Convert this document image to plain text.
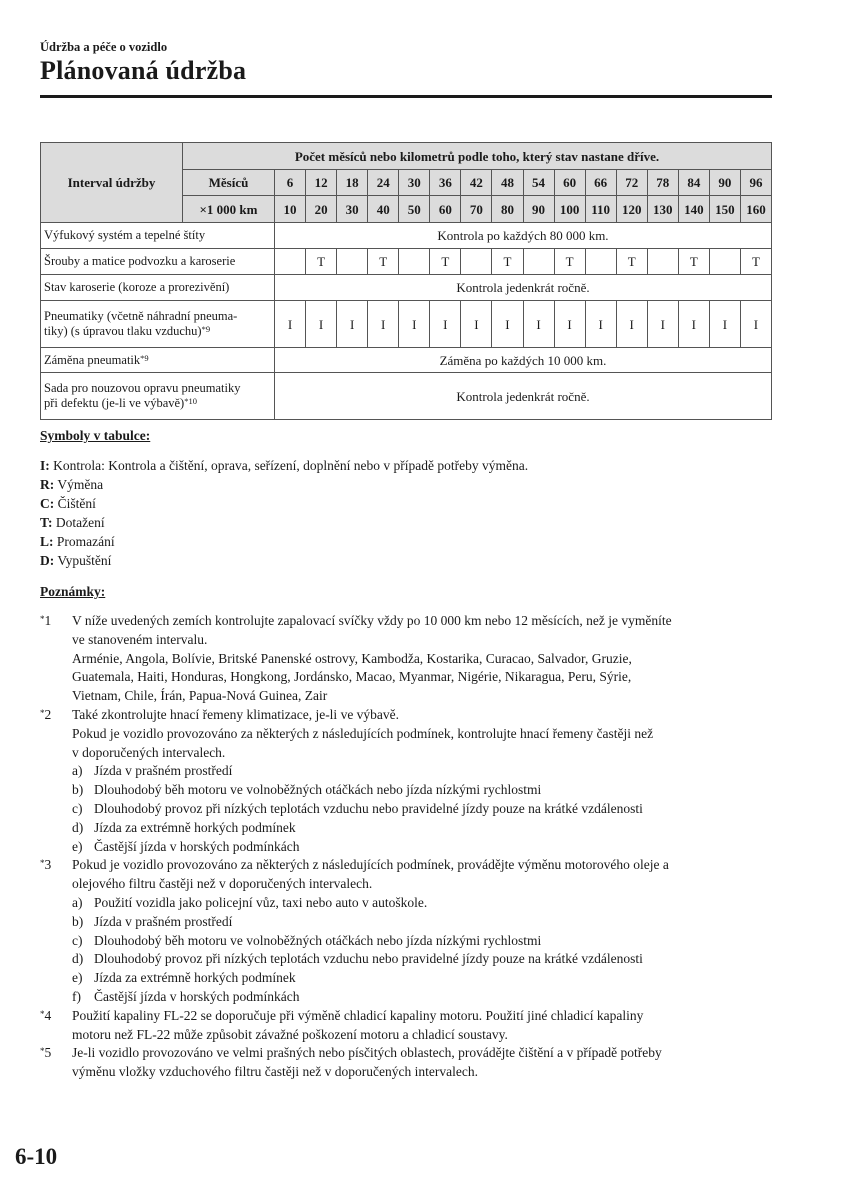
Údržba a péče o vozidlo
Plánovaná údržba
Interval údržby	Počet měsíců nebo kilometrů podle toho, který stav nastane dříve.																
	Měsíců	6	12	18	24	30	36	42	48	54	60	66	72	78	84	90	96
	×1 000 km	10	20	30	40	50	60	70	80	90	100	110	120	130	140	150	160
Výfukový systém a tepelné štíty		Kontrola po každých 80 000 km.															
Šrouby a matice podvozku a karoserie			T		T		T		T		T		T		T		T
Stav karoserie (koroze a prorezivění)		Kontrola jedenkrát ročně.															
Pneumatiky (včetně náhradní pneuma-
tiky) (s úpravou tlaku vzduchu)$^{*9}$		I	I	I	I	I	I	I	I	I	I	I	I	I	I	I	I
Záměna pneumatik$^{*9}$		Záměna po každých 10 000 km.															
Sada pro nouzovou opravu pneumatiky
při defektu (je-li ve výbavě)$^{*10}$		Kontrola jedenkrát ročně.															
Symboly v tabulce:
I: Kontrola: Kontrola a čištění, oprava, seřízení, doplnění nebo v případě potřeby výměna.
R: Výměna
C: Čištění
T: Dotažení
L: Promazání
D: Vypuštění
Poznámky:
*1 V níže uvedených zemích kontrolujte zapalovací svíčky vždy po 10 000 km nebo 12 měsících, než je vyměníte
ve stanoveném intervalu.
Arménie, Angola, Bolívie, Britské Panenské ostrovy, Kambodža, Kostarika, Curacao, Salvador, Gruzie,
Guatemala, Haiti, Honduras, Hongkong, Jordánsko, Macao, Myanmar, Nigérie, Nikaragua, Peru, Sýrie,
Vietnam, Chile, Írán, Papua-Nová Guinea, Zair
*2 Také zkontrolujte hnací řemeny klimatizace, je-li ve výbavě.
Pokud je vozidlo provozováno za některých z následujících podmínek, kontrolujte hnací řemeny častěji než
v doporučených intervalech.
a) Jízda v prašném prostředí
b) Dlouhodobý běh motoru ve volnoběžných otáčkách nebo jízda nízkými rychlostmi
c) Dlouhodobý provoz při nízkých teplotách vzduchu nebo pravidelné jízdy pouze na krátké vzdálenosti
d) Jízda za extrémně horkých podmínek
e) Častější jízda v horských podmínkách
*3 Pokud je vozidlo provozováno za některých z následujících podmínek, provádějte výměnu motorového oleje a
olejového filtru častěji než v doporučených intervalech.
a) Použití vozidla jako policejní vůz, taxi nebo auto v autoškole.
b) Jízda v prašném prostředí
c) Dlouhodobý běh motoru ve volnoběžných otáčkách nebo jízda nízkými rychlostmi
d) Dlouhodobý provoz při nízkých teplotách vzduchu nebo pravidelné jízdy pouze na krátké vzdálenosti
e) Jízda za extrémně horkých podmínek
f) Častější jízda v horských podmínkách
*4 Použití kapaliny FL-22 se doporučuje při výměně chladicí kapaliny motoru. Použití jiné chladicí kapaliny
motoru než FL-22 může způsobit závažné poškození motoru a chladicí soustavy.
*5 Je-li vozidlo provozováno ve velmi prašných nebo písčitých oblastech, provádějte čištění a v případě potřeby
výměnu vložky vzduchového filtru častěji než v doporučených intervalech.
6-10
